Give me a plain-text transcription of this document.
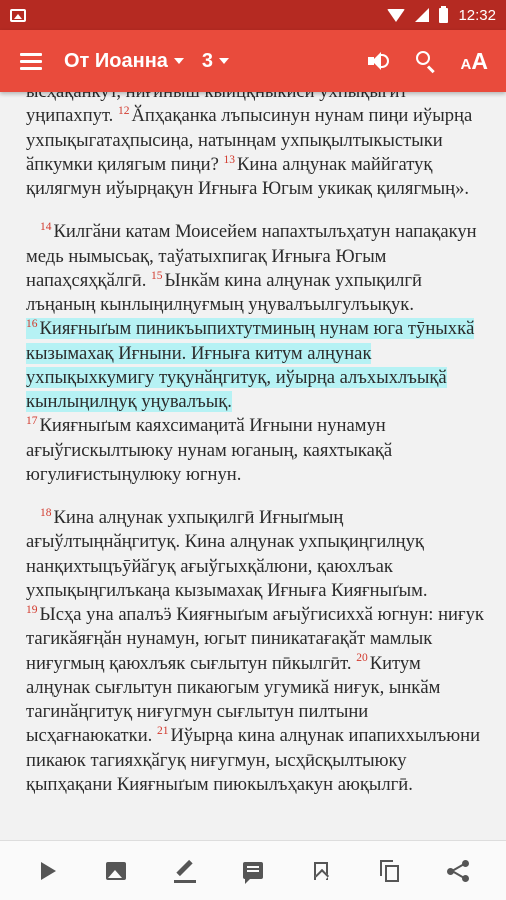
12:32
От Иоанна 3	AA

уңипахпут. $^{12}$ Ӑпҳақанка лъпысинун нунам пиңи иўырңа ухпықыгатаҳпысиңа, натынңам ухпықылтыкыстыки ӑпкумки қилягым пиңи? $^{13}$ Кина алңунак маййгатуқ қилягмун иўырңақун Иғныға Югым укикақ қилягмың».

$^{14}$ Килгӑни катам Моисейем напахтылъҳатун напақакун медь нымысьақ, таўатыхпигақ Иғныға Югым напаҳсяҳқӑлгӣ. $^{15}$ Ынкӑм кина алңунак ухпықилгӣ лъңаның кынлыңилңуғмың уңувалъылгулъықук. $^{16}$ Кияғныґым пиникъыпихтутминың нунам юга тӯныхкӑ кызымахақ Иғныни. Иғныға китум алңунак ухпықыхкумигу туқунӑңгитуқ, иўырңа алъхыхлъықӑ кынлыңилңуқ уңувалъық.
$^{17}$ Кияғныґым каяхсимаңитӑ Иғныни нунамун ағыўгискылтыюку нунам юганың, каяхтыкақӑ югулиғистыңулюку югнун.

$^{18}$ Кина алңунак ухпықилгӣ Иғныґмың ағыўлтыңнӑңгитуқ. Кина алңунак ухпықиңгилңуқ нанқихтыцъӯйӑгуқ ағыўгыхқӑлюни, қаюхлъак ухпықыңгилъкаңа кызымахақ Иғныға Кияғныґым. $^{19}$ Ысҳа уна апалъӭ Кияғныґым ағыўгисиххӑ югнун: ниғук тагикӑяғңӑн нунамун, югыт пиникатағақӑт мамлык ниғугмың қаюхлъяк сығлытун пӣкылгӣт. $^{20}$ Китум алңунак сығлытун пикаюгым угумикӑ ниғук, ынкӑм тагинӑңгитуқ ниғугмун сығлытун пилтыни ысҳағнаюкатки. $^{21}$ Иўырңа кина алңунак ипапиххылъюни пикаюк тагияхқӑгуқ ниғугмун, ысҳӣсқылтыюку қыпҳақани Кияғныґым пиюкылъҳакун аюқылгӣ.
